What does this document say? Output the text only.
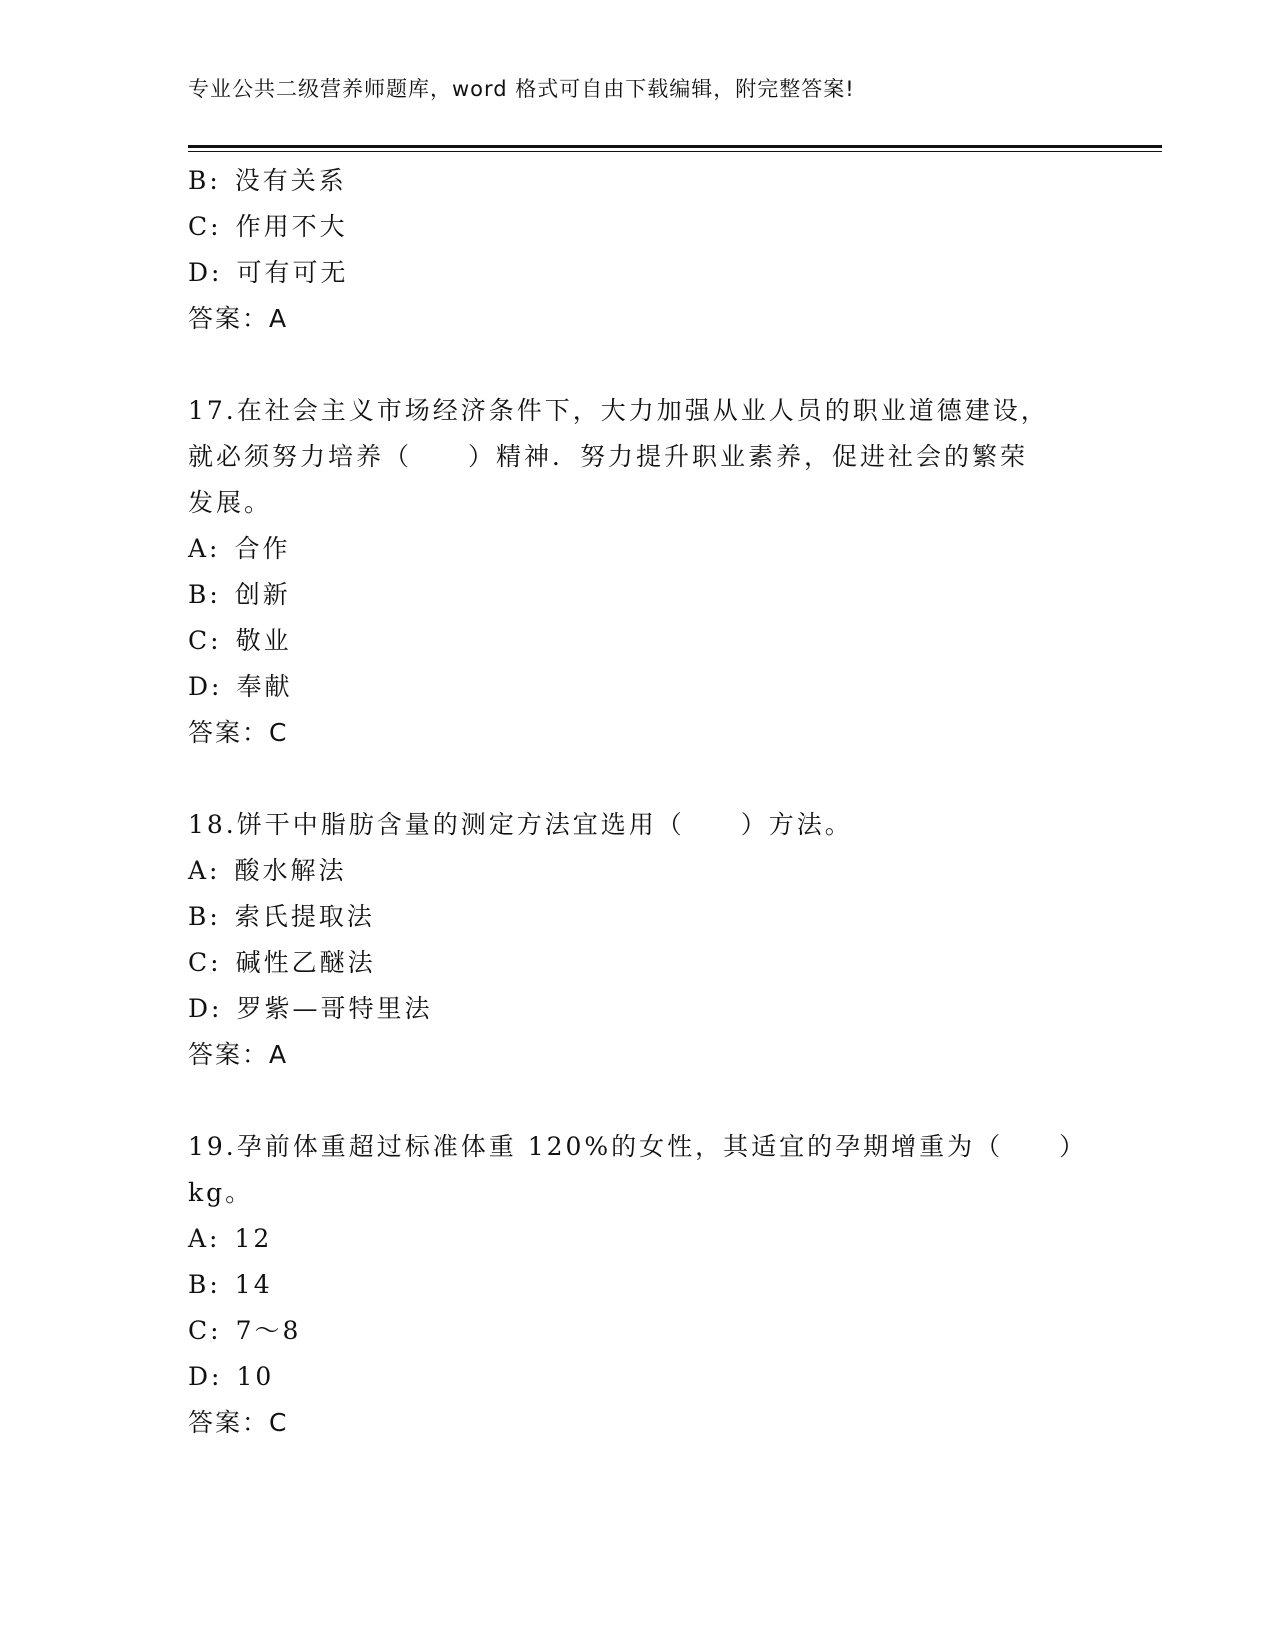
专业公共二级营养师题库，word 格式可自由下载编辑，附完整答案!
B: 没有关系
C: 作用不大
D: 可有可无
答案：A
17.在社会主义市场经济条件下，大力加强从业人员的职业道德建设，
就必须努力培养（　　）精神．努力提升职业素养，促进社会的繁荣
发展。
A: 合作
B: 创新
C: 敬业
D: 奉献
答案：C
18.饼干中脂肪含量的测定方法宜选用（　　）方法。
A: 酸水解法
B: 索氏提取法
C: 碱性乙醚法
D: 罗紫—哥特里法
答案：A
19.孕前体重超过标准体重 120%的女性，其适宜的孕期增重为（　　）
kg。
A: 12
B: 14
C: 7～8
D: 10
答案：C
